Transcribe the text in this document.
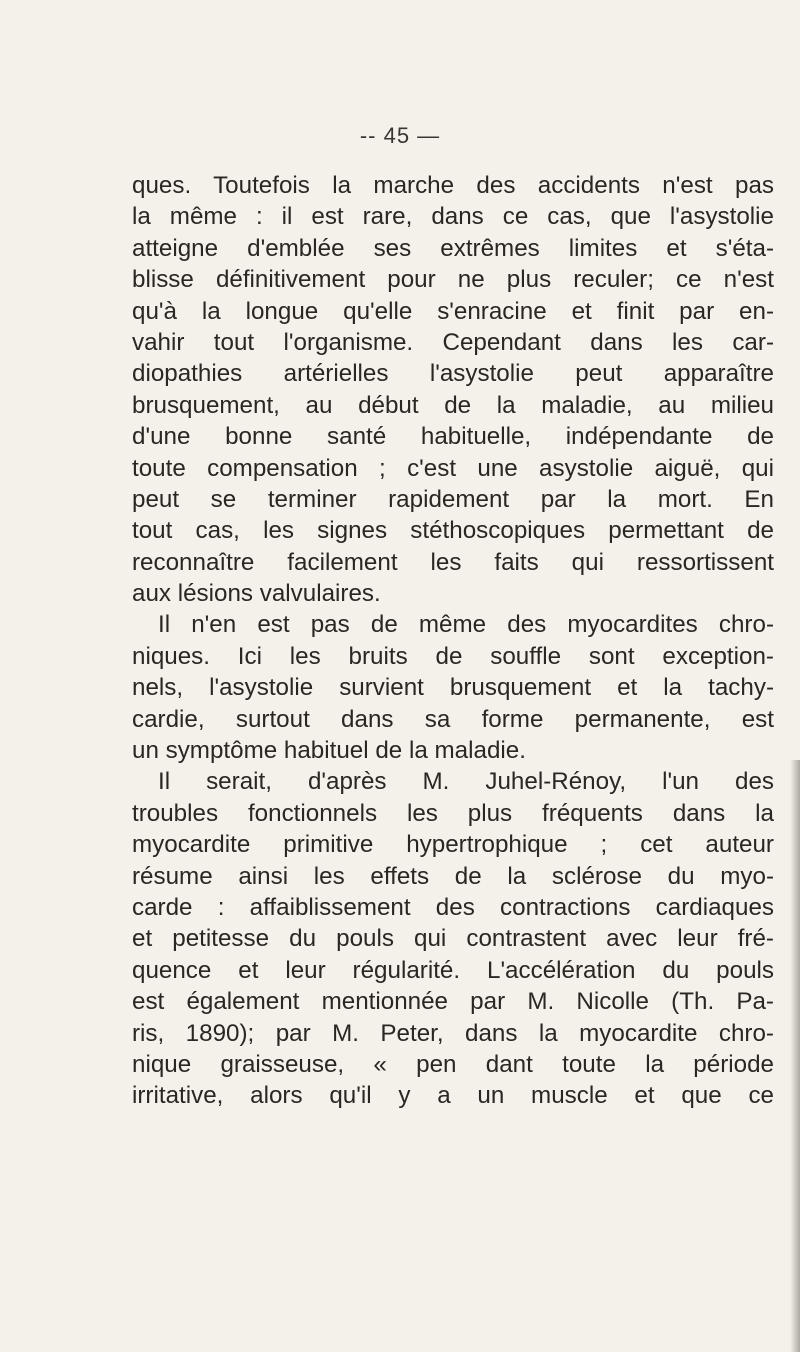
-- 45 —
ques. Toutefois la marche des accidents n'est pas
la même : il est rare, dans ce cas, que l'asystolie
atteigne d'emblée ses extrêmes limites et s'éta-
blisse définitivement pour ne plus reculer; ce n'est
qu'à la longue qu'elle s'enracine et finit par en-
vahir tout l'organisme. Cependant dans les car-
diopathies artérielles l'asystolie peut apparaître
brusquement, au début de la maladie, au milieu
d'une bonne santé habituelle, indépendante de
toute compensation ; c'est une asystolie aiguë, qui
peut se terminer rapidement par la mort. En
tout cas, les signes stéthoscopiques permettant de
reconnaître facilement les faits qui ressortissent
aux lésions valvulaires.
Il n'en est pas de même des myocardites chro-
niques. Ici les bruits de souffle sont exception-
nels, l'asystolie survient brusquement et la tachy-
cardie, surtout dans sa forme permanente, est
un symptôme habituel de la maladie.
Il serait, d'après M. Juhel-Rénoy, l'un des
troubles fonctionnels les plus fréquents dans la
myocardite primitive hypertrophique ; cet auteur
résume ainsi les effets de la sclérose du myo-
carde : affaiblissement des contractions cardiaques
et petitesse du pouls qui contrastent avec leur fré-
quence et leur régularité. L'accélération du pouls
est également mentionnée par M. Nicolle (Th. Pa-
ris, 1890); par M. Peter, dans la myocardite chro-
nique graisseuse, « pen dant toute la période
irritative, alors qu'il y a un muscle et que ce
